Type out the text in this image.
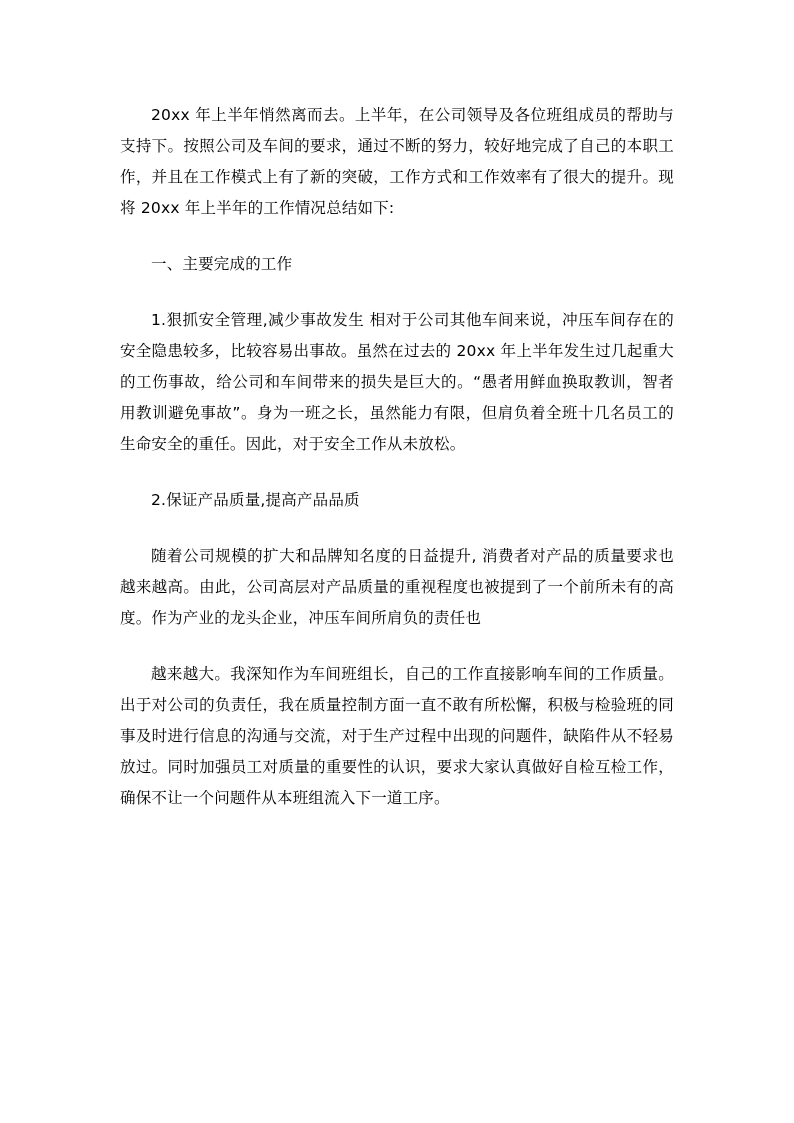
20xx 年上半年悄然离而去。上半年，在公司领导及各位班组成员的帮助与支持下。按照公司及车间的要求，通过不断的努力，较好地完成了自己的本职工作，并且在工作模式上有了新的突破，工作方式和工作效率有了很大的提升。现将 20xx 年上半年的工作情况总结如下:

一、主要完成的工作

1.狠抓安全管理,减少事故发生 相对于公司其他车间来说，冲压车间存在的安全隐患较多，比较容易出事故。虽然在过去的 20xx 年上半年发生过几起重大的工伤事故，给公司和车间带来的损失是巨大的。“愚者用鲜血换取教训，智者用教训避免事故”。身为一班之长，虽然能力有限，但肩负着全班十几名员工的生命安全的重任。因此，对于安全工作从未放松。

2.保证产品质量,提高产品品质

随着公司规模的扩大和品牌知名度的日益提升, 消费者对产品的质量要求也越来越高。由此，公司高层对产品质量的重视程度也被提到了一个前所未有的高度。作为产业的龙头企业，冲压车间所肩负的责任也

越来越大。我深知作为车间班组长，自己的工作直接影响车间的工作质量。出于对公司的负责任，我在质量控制方面一直不敢有所松懈，积极与检验班的同事及时进行信息的沟通与交流，对于生产过程中出现的问题件，缺陷件从不轻易放过。同时加强员工对质量的重要性的认识，要求大家认真做好自检互检工作，确保不让一个问题件从本班组流入下一道工序。
